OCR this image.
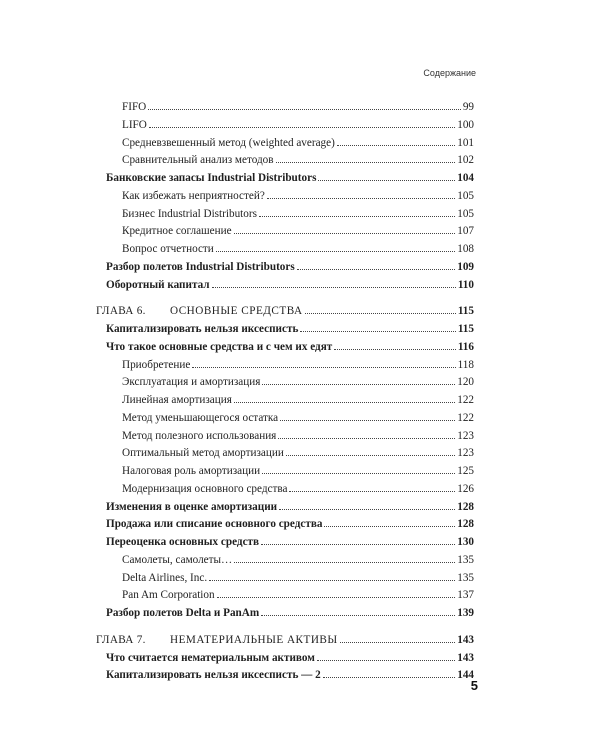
Содержание
FIFO	99
LIFO	100
Средневзвешенный метод (weighted average)	101
Сравнительный анализ методов	102
Банковские запасы Industrial Distributors	104
Как избежать неприятностей?	105
Бизнес Industrial Distributors	105
Кредитное соглашение	107
Вопрос отчетности	108
Разбор полетов Industrial Distributors	109
Оборотный капитал	110
ГЛАВА 6. ОСНОВНЫЕ СРЕДСТВА	115
Капитализировать нельзя иксесписть	115
Что такое основные средства и с чем их едят	116
Приобретение	118
Эксплуатация и амортизация	120
Линейная амортизация	122
Метод уменьшающегося остатка	122
Метод полезного использования	123
Оптимальный метод амортизации	123
Налоговая роль амортизации	125
Модернизация основного средства	126
Изменения в оценке амортизации	128
Продажа или списание основного средства	128
Переоценка основных средств	130
Самолеты, самолеты…	135
Delta Airlines, Inc.	135
Pan Am Corporation	137
Разбор полетов Delta и PanAm	139
ГЛАВА 7. НЕМАТЕРИАЛЬНЫЕ АКТИВЫ	143
Что считается нематериальным активом	143
Капитализировать нельзя иксесписть — 2	144
5
